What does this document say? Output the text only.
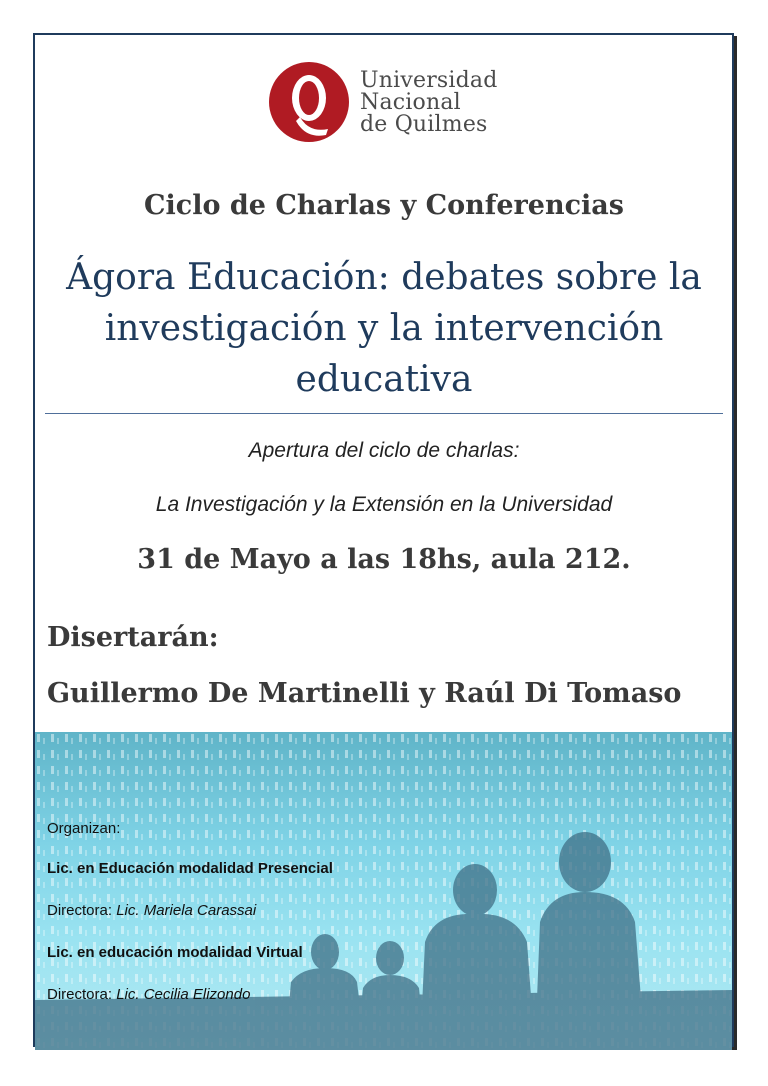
Universidad
Nacional
de Quilmes
Ciclo de Charlas y Conferencias
Ágora Educación: debates sobre la investigación y la intervención educativa
Apertura del ciclo de charlas:
La Investigación y la Extensión en la Universidad
31 de Mayo a las 18hs, aula 212.
Disertarán:
Guillermo De Martinelli y Raúl Di Tomaso
Organizan:
Lic. en Educación modalidad Presencial
Directora: Lic. Mariela Carassai
Lic. en educación modalidad Virtual
Directora: Lic. Cecilia Elizondo
